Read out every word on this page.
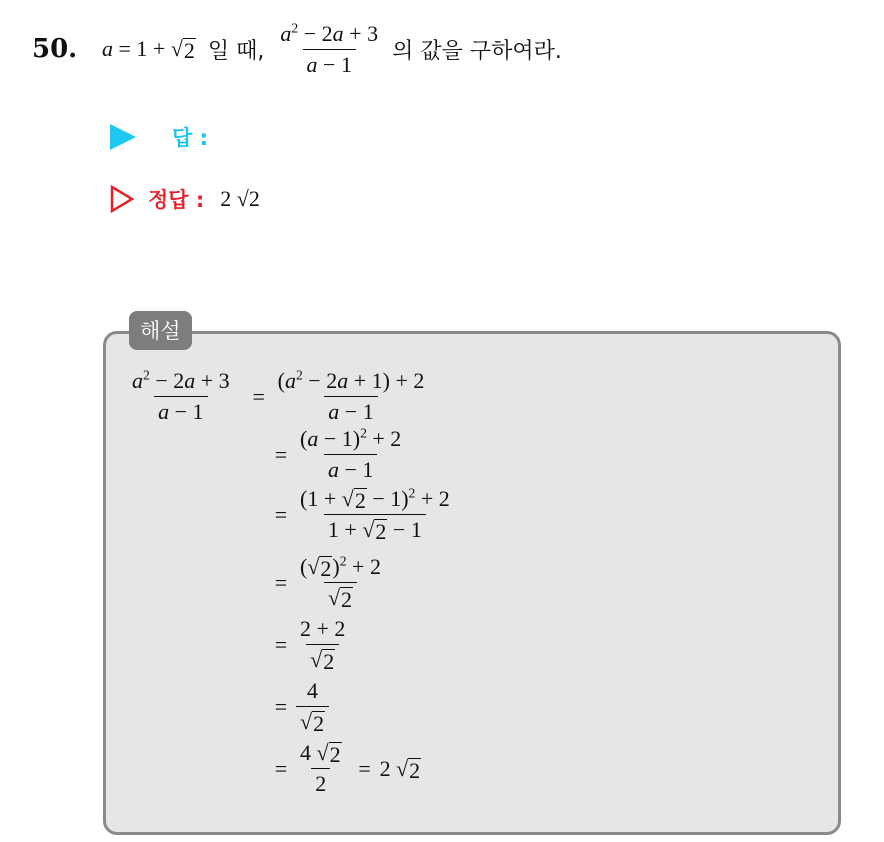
50. a = 1 + √ 2 일 때, $\frac{a^2 - 2a + 3}{a - 1}$ 의 값을 구하여라.
답 :
정답 : 2 √2
해설
$\frac{a^2 - 2a + 3}{a - 1} = \frac{(a^2 - 2a + 1) + 2}{a - 1}$
= $\frac{(a - 1)^2 + 2}{a - 1}$
= $\frac{(1 + √ 2 - 1)^2 + 2}{1 + √ 2 - 1}$
= $\frac{( √ 2 )^2 + 2}{√ 2}$
= $\frac{2 + 2}{√ 2}$
= $\frac{4}{√ 2}$
= $\frac{4 √ 2}{2} = 2$ √ 2
